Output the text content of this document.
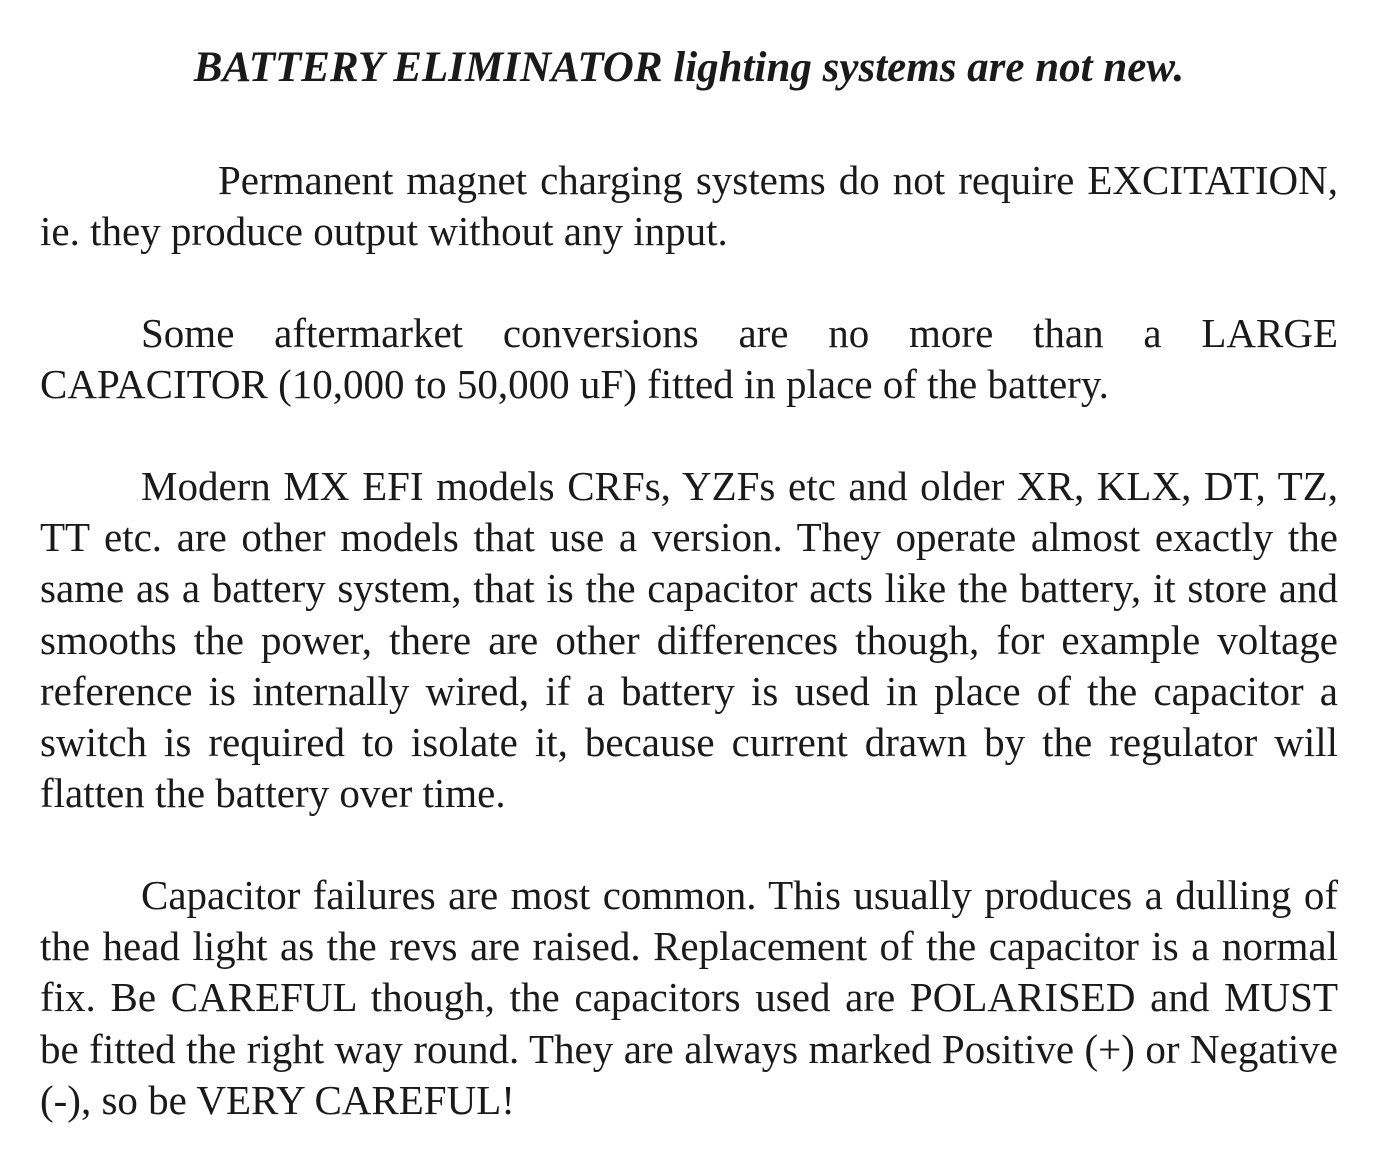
BATTERY ELIMINATOR lighting systems are not new.

Permanent magnet charging systems do not require EXCITATION, ie. they produce output without any input.

Some aftermarket conversions are no more than a LARGE CAPACITOR (10,000 to 50,000 uF) fitted in place of the battery.

Modern MX EFI models CRFs, YZFs etc and older XR, KLX, DT, TZ, TT etc. are other models that use a version. They operate almost exactly the same as a battery system, that is the capacitor acts like the battery, it store and smooths the power, there are other differences though, for example voltage reference is internally wired, if a battery is used in place of the capacitor a switch is required to isolate it, because current drawn by the regulator will flatten the battery over time.

Capacitor failures are most common. This usually produces a dulling of the head light as the revs are raised. Replacement of the capacitor is a normal fix. Be CAREFUL though, the capacitors used are POLARISED and MUST be fitted the right way round. They are always marked Positive (+) or Negative (-), so be VERY CAREFUL!
